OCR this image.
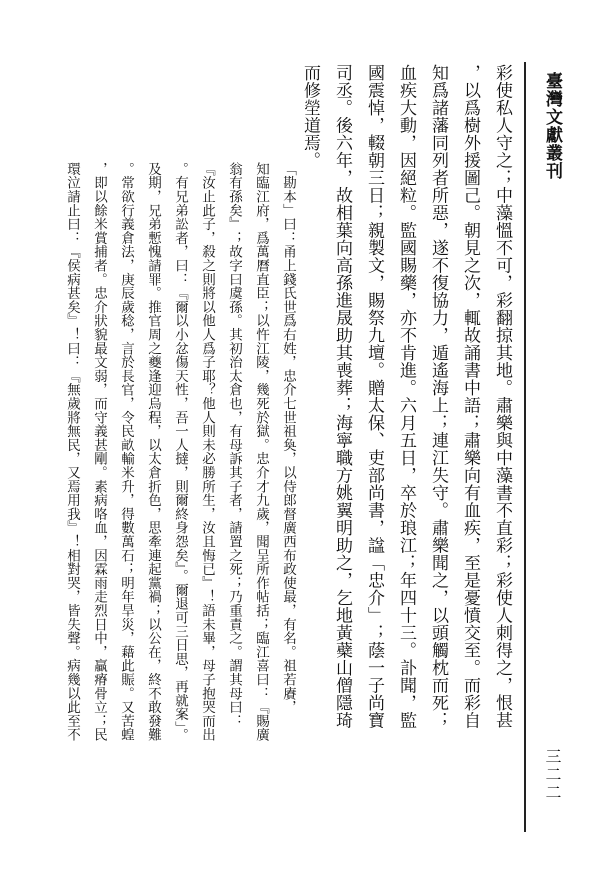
臺灣文獻叢刊
三二二

彩使私人守之；中藻慍不可，彩翻掠其地。肅樂與中藻書不直彩；彩使人刺得之，恨甚

，以爲樹外援圖己。朝見之次，輒故誦書中語；肅樂向有血疾，至是憂憤交至。而彩自

知爲諸藩同列者所惡，遂不復協力，遁遙海上；連江失守。肅樂聞之，以頭觸枕而死；

血疾大動，因絕粒。監國賜藥，亦不肯進。六月五日，卒於琅江；年四十三。訃聞，監

國震悼，輟朝三日；親製文，賜祭九壇。贈太保、吏部尚書，諡「忠介」；蔭一子尚寶

司丞。後六年，故相葉向高孫進晟助其喪葬；海寧職方姚翼明助之，乞地黃蘗山僧隱琦

而修塋道焉。

「勘本」曰：甬上錢氏世爲右姓，忠介七世祖奐，以侍郎督廣西布政使最，有名。祖若賡，

知臨江府，爲萬曆直臣；以忤江陵，幾死於獄。忠介才九歲，聞呈所作帖括；臨江喜曰：『賜廣

翁有孫矣』；故字曰虞孫。其初治太倉也，有母訴其子者，請置之死；乃重責之。謂其母曰：

『汝止此子，殺之則將以他人爲子耶？他人則未必勝所生，汝且悔已』！語未畢，母子抱哭而出

。有兄弟訟者，曰：『爾以小忿傷天性，吾一人撻，則爾終身怨矣』。爾退可三日思，再就案」。

及期，兄弟慙愧請罪。推官周之夔逢迎烏程，以太倉折色，思牽連起黨禍；以公在，終不敢發難

。常欲行義倉法，庚辰歲稔，言於長官，令民畝輸米升，得數萬石；明年旱災，藉此賑。又苦蝗

，即以餘米賞捕者。忠介狀貌最文弱，而守義甚剛。素病咯血，因霖雨走烈日中，贏瘠骨立；民

環泣請止曰：『侯病甚矣』！曰：『無歲將無民，又焉用我』！相對哭，皆失聲。病幾以此至不
